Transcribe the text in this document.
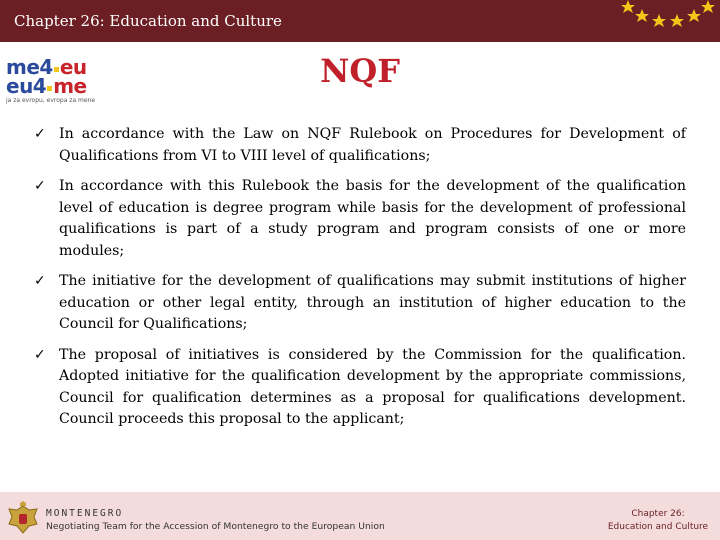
Chapter 26: Education and Culture
me4 eu
eu4 me
ja za evropu, evropa za mene
NQF
✓ In accordance with the Law on NQF Rulebook on Procedures for Development of Qualifications from VI to VIII level of qualifications;
✓ In accordance with this Rulebook the basis for the development of the qualification level of education is degree program while basis for the development of professional qualifications is part of a study program and program consists of one or more modules;
✓ The initiative for the development of qualifications may submit institutions of higher education or other legal entity, through an institution of higher education to the Council for Qualifications;
✓ The proposal of initiatives is considered by the Commission for the qualification. Adopted initiative for the qualification development by the appropriate commissions, Council for qualification determines as a proposal for qualifications development. Council proceeds this proposal to the applicant;
MONTENEGRO
Negotiating Team for the Accession of Montenegro to the European Union
Chapter 26:
Education and Culture
